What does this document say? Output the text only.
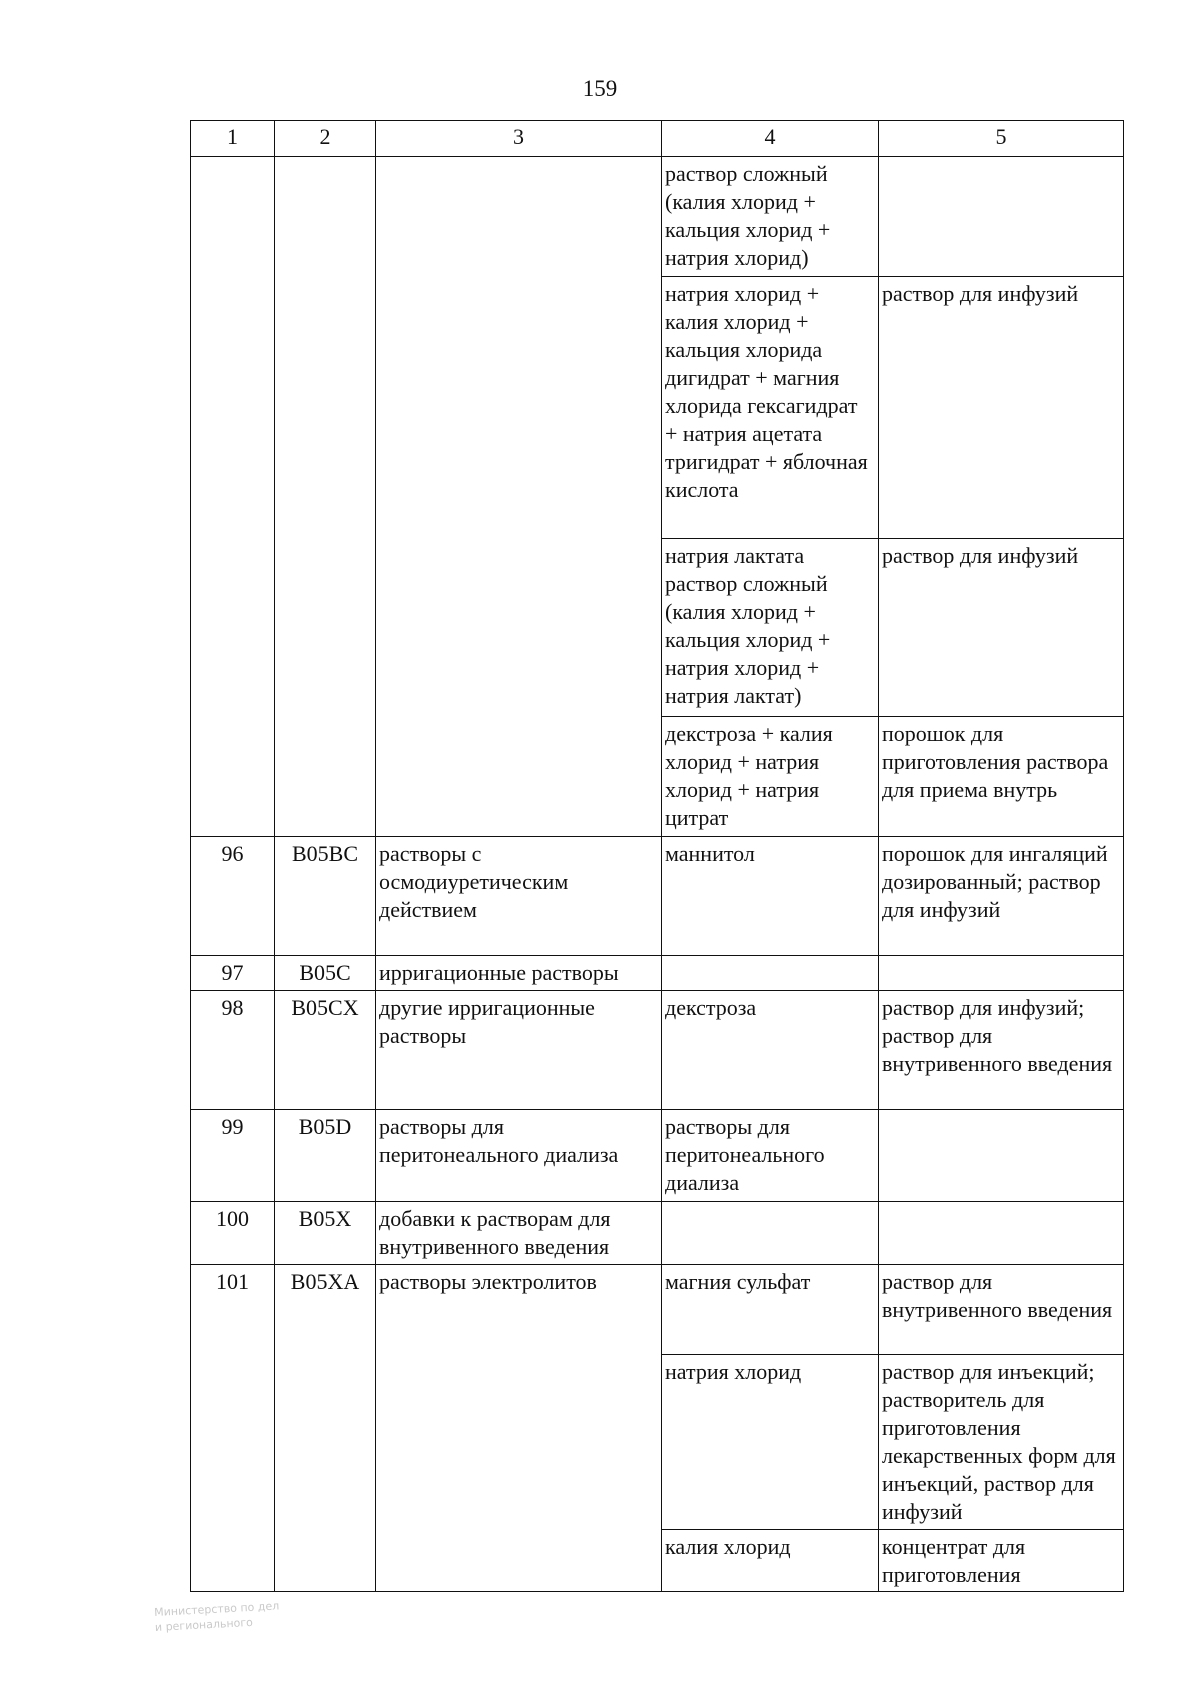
159
1	2	3	4	5
			раствор сложный (калия хлорид + кальция хлорид + натрия хлорид)	
			натрия хлорид + калия хлорид + кальция хлорида дигидрат + магния хлорида гексагидрат + натрия ацетата тригидрат + яблочная кислота	раствор для инфузий
			натрия лактата раствор сложный (калия хлорид + кальция хлорид + натрия хлорид + натрия лактат)	раствор для инфузий
			декстроза + калия хлорид + натрия хлорид + натрия цитрат	порошок для приготовления раствора для приема внутрь
96	B05BC	растворы с осмодиуретическим действием	маннитол	порошок для ингаляций дозированный; раствор для инфузий
97	B05C	ирригационные растворы		
98	B05CX	другие ирригационные растворы	декстроза	раствор для инфузий; раствор для внутривенного введения
99	B05D	растворы для перитонеального диализа	растворы для перитонеального диализа	
100	B05X	добавки к растворам для внутривенного введения		
101	B05XA	растворы электролитов	магния сульфат	раствор для внутривенного введения
			натрия хлорид	раствор для инъекций; растворитель для приготовления лекарственных форм для инъекций, раствор для инфузий
			калия хлорид	концентрат для приготовления
Министерство по дел
и регионального
